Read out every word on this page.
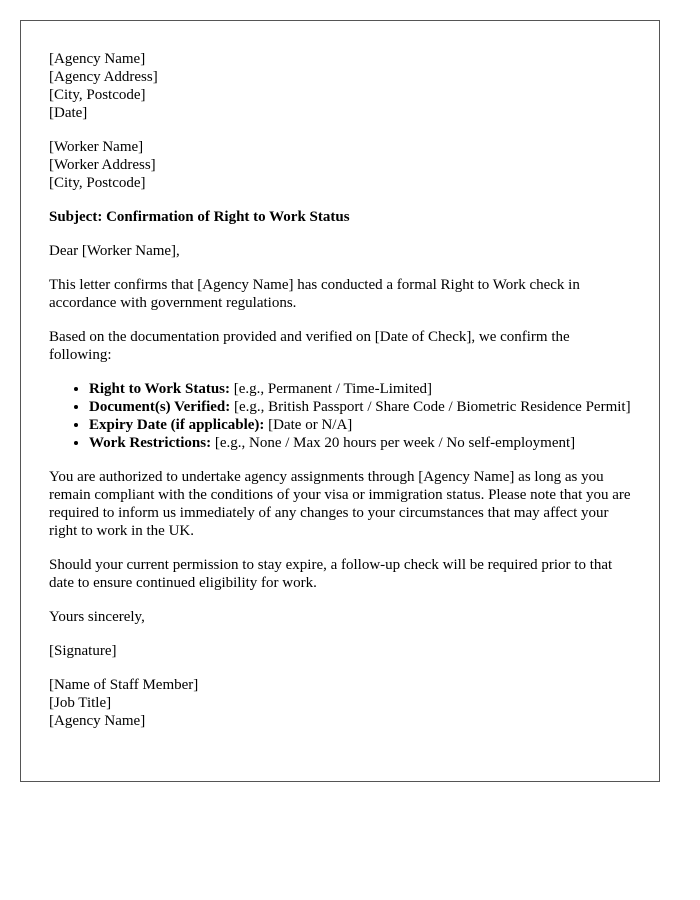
[Agency Name]
[Agency Address]
[City, Postcode]
[Date]
[Worker Name]
[Worker Address]
[City, Postcode]

Subject: Confirmation of Right to Work Status

Dear [Worker Name],

This letter confirms that [Agency Name] has conducted a formal Right to Work check in accordance with government regulations.

Based on the documentation provided and verified on [Date of Check], we confirm the following:

• Right to Work Status: [e.g., Permanent / Time-Limited]
• Document(s) Verified: [e.g., British Passport / Share Code / Biometric Residence Permit]
• Expiry Date (if applicable): [Date or N/A]
• Work Restrictions: [e.g., None / Max 20 hours per week / No self-employment]

You are authorized to undertake agency assignments through [Agency Name] as long as you remain compliant with the conditions of your visa or immigration status. Please note that you are required to inform us immediately of any changes to your circumstances that may affect your right to work in the UK.

Should your current permission to stay expire, a follow-up check will be required prior to that date to ensure continued eligibility for work.

Yours sincerely,

[Signature]

[Name of Staff Member]
[Job Title]
[Agency Name]
